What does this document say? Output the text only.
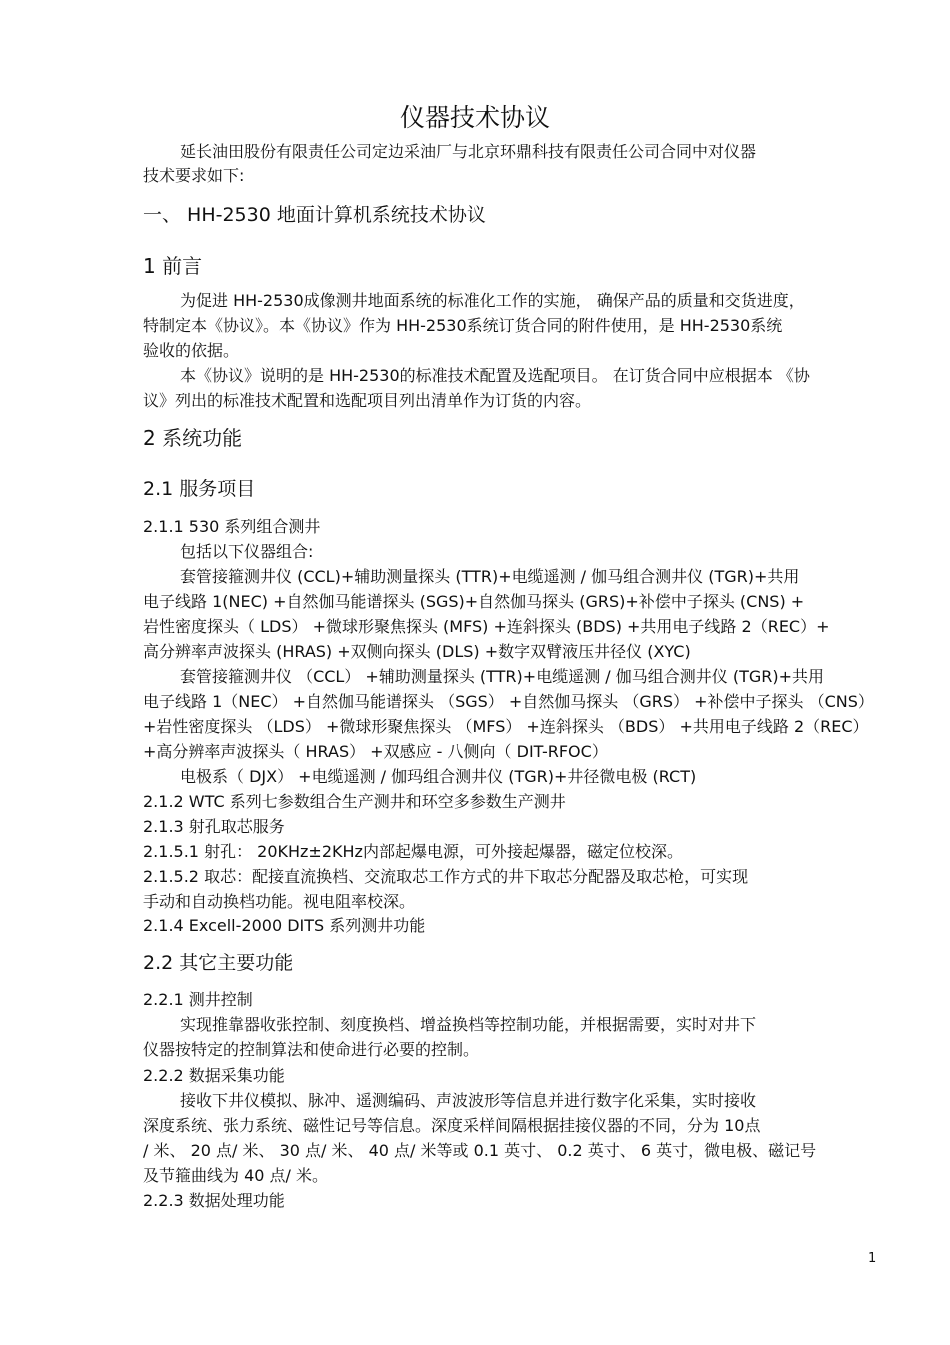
仪器技术协议
延长油田股份有限责任公司定边采油厂与北京环鼎科技有限责任公司合同中对仪器
技术要求如下:
一、 HH-2530 地面计算机系统技术协议
1 前言
为促进 HH-2530成像测井地面系统的标准化工作的实施， 确保产品的质量和交货进度，
特制定本《协议》。本《协议》作为 HH-2530系统订货合同的附件使用，是 HH-2530系统
验收的依据。
本《协议》说明的是 HH-2530的标准技术配置及选配项目。 在订货合同中应根据本 《协
议》列出的标准技术配置和选配项目列出清单作为订货的内容。
2 系统功能
2.1 服务项目
2.1.1 530 系列组合测井
包括以下仪器组合:
套管接箍测井仪 (CCL)+辅助测量探头 (TTR)+电缆遥测 / 伽马组合测井仪 (TGR)+共用
电子线路 1(NEC) +自然伽马能谱探头 (SGS)+自然伽马探头 (GRS)+补偿中子探头 (CNS) +
岩性密度探头（ LDS） +微球形聚焦探头 (MFS) +连斜探头 (BDS) +共用电子线路 2（REC）+
高分辨率声波探头 (HRAS) +双侧向探头 (DLS) +数字双臂液压井径仪 (XYC)
套管接箍测井仪 （CCL） +辅助测量探头 (TTR)+电缆遥测 / 伽马组合测井仪 (TGR)+共用
电子线路 1（NEC） +自然伽马能谱探头 （SGS） +自然伽马探头 （GRS） +补偿中子探头 （CNS）
+岩性密度探头 （LDS） +微球形聚焦探头 （MFS） +连斜探头 （BDS） +共用电子线路 2（REC）
+高分辨率声波探头（ HRAS） +双感应 - 八侧向（ DIT-RFOC）
电极系（ DJX） +电缆遥测 / 伽玛组合测井仪 (TGR)+井径微电极 (RCT)
2.1.2 WTC 系列七参数组合生产测井和环空多参数生产测井
2.1.3 射孔取芯服务
2.1.5.1 射孔： 20KHz±2KHz内部起爆电源，可外接起爆器，磁定位校深。
2.1.5.2 取芯：配接直流换档、交流取芯工作方式的井下取芯分配器及取芯枪，可实现
手动和自动换档功能。视电阻率校深。
2.1.4 Excell-2000 DITS 系列测井功能
2.2 其它主要功能
2.2.1 测井控制
实现推靠器收张控制、刻度换档、增益换档等控制功能，并根据需要，实时对井下
仪器按特定的控制算法和使命进行必要的控制。
2.2.2 数据采集功能
接收下井仪模拟、脉冲、遥测编码、声波波形等信息并进行数字化采集，实时接收
深度系统、张力系统、磁性记号等信息。深度采样间隔根据挂接仪器的不同，分为 10点
/ 米、 20 点/ 米、 30 点/ 米、 40 点/ 米等或 0.1 英寸、 0.2 英寸、 6 英寸，微电极、磁记号
及节箍曲线为 40 点/ 米。
2.2.3 数据处理功能
1
